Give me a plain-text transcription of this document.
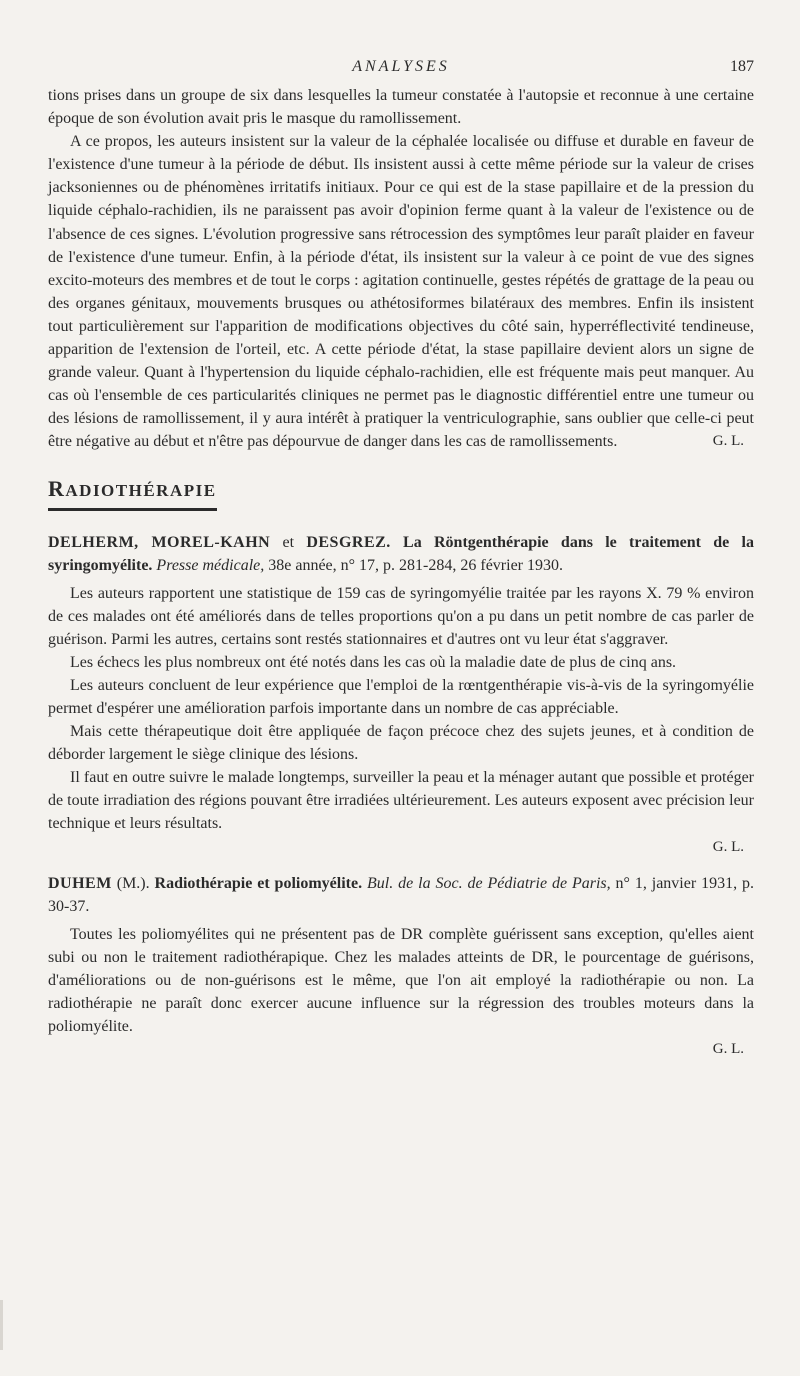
ANALYSES	187

tions prises dans un groupe de six dans lesquelles la tumeur constatée à l'autopsie et reconnue à une certaine époque de son évolution avait pris le masque du ramollissement.

A ce propos, les auteurs insistent sur la valeur de la céphalée localisée ou diffuse et durable en faveur de l'existence d'une tumeur à la période de début. Ils insistent aussi à cette même période sur la valeur de crises jacksoniennes ou de phénomènes irritatifs initiaux. Pour ce qui est de la stase papillaire et de la pression du liquide céphalo-rachidien, ils ne paraissent pas avoir d'opinion ferme quant à la valeur de l'existence ou de l'absence de ces signes. L'évolution progressive sans rétrocession des symptômes leur paraît plaider en faveur de l'existence d'une tumeur. Enfin, à la période d'état, ils insistent sur la valeur à ce point de vue des signes excito-moteurs des membres et de tout le corps : agitation continuelle, gestes répétés de grattage de la peau ou des organes génitaux, mouvements brusques ou athétosiformes bilatéraux des membres. Enfin ils insistent tout particulièrement sur l'apparition de modifications objectives du côté sain, hyperréflectivité tendineuse, apparition de l'extension de l'orteil, etc. A cette période d'état, la stase papillaire devient alors un signe de grande valeur. Quant à l'hypertension du liquide céphalo-rachidien, elle est fréquente mais peut manquer. Au cas où l'ensemble de ces particularités cliniques ne permet pas le diagnostic différentiel entre une tumeur ou des lésions de ramollissement, il y aura intérêt à pratiquer la ventriculographie, sans oublier que celle-ci peut être négative au début et n'être pas dépourvue de danger dans les cas de ramollissements.	G. L.

RADIOTHÉRAPIE
DELHERM, MOREL-KAHN et DESGREZ. La Röntgenthérapie dans le traitement de la syringomyélite. Presse médicale, 38e année, n° 17, p. 281-284, 26 février 1930.

Les auteurs rapportent une statistique de 159 cas de syringomyélie traitée par les rayons X. 79 % environ de ces malades ont été améliorés dans de telles proportions qu'on a pu dans un petit nombre de cas parler de guérison. Parmi les autres, certains sont restés stationnaires et d'autres ont vu leur état s'aggraver.

Les échecs les plus nombreux ont été notés dans les cas où la maladie date de plus de cinq ans.

Les auteurs concluent de leur expérience que l'emploi de la rœntgenthérapie vis-à-vis de la syringomyélie permet d'espérer une amélioration parfois importante dans un nombre de cas appréciable.

Mais cette thérapeutique doit être appliquée de façon précoce chez des sujets jeunes, et à condition de déborder largement le siège clinique des lésions.

Il faut en outre suivre le malade longtemps, surveiller la peau et la ménager autant que possible et protéger de toute irradiation des régions pouvant être irradiées ultérieurement. Les auteurs exposent avec précision leur technique et leurs résultats.

G. L.
DUHEM (M.). Radiothérapie et poliomyélite. Bul. de la Soc. de Pédiatrie de Paris, n° 1, janvier 1931, p. 30-37.

Toutes les poliomyélites qui ne présentent pas de DR complète guérissent sans exception, qu'elles aient subi ou non le traitement radiothérapique. Chez les malades atteints de DR, le pourcentage de guérisons, d'améliorations ou de non-guérisons est le même, que l'on ait employé la radiothérapie ou non. La radiothérapie ne paraît donc exercer aucune influence sur la régression des troubles moteurs dans la poliomyélite.

G. L.
